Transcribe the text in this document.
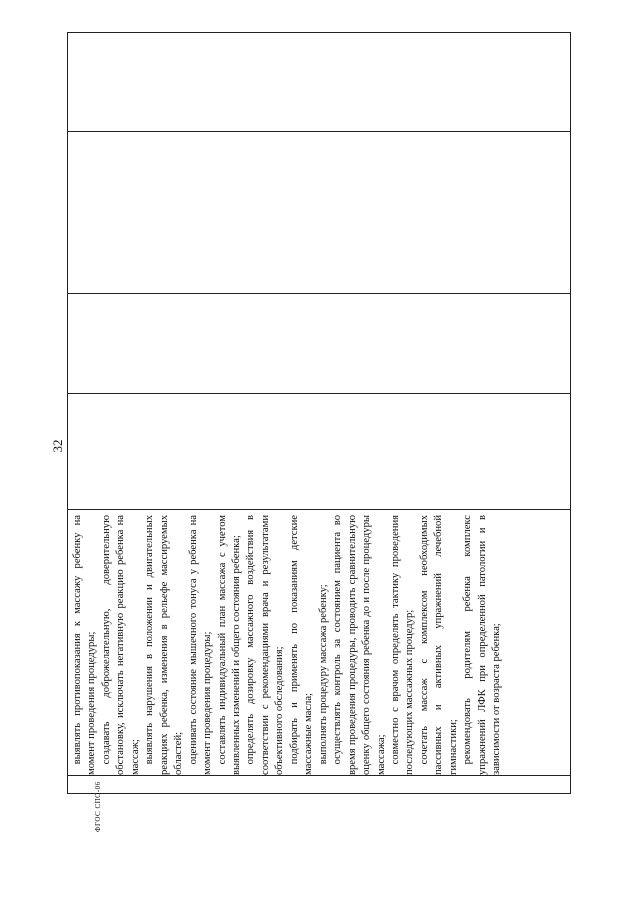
32

выявлять противопоказания к массажу ребенку на момент проведения процедуры; создавать доброжелательную, доверительную обстановку, исключать негативную реакцию ребенка на массаж; выявлять нарушения в положении и двигательных реакциях ребенка, изменения в рельефе массируемых областей; оценивать состояние мышечного тонуса у ребенка на момент проведения процедуры; составлять индивидуальный план массажа с учетом выявленных изменений и общего состояния ребенка; определять дозировку массажного воздействия в соответствии с рекомендациями врача и результатами объективного обследования; подбирать и применять по показаниям детские массажные масла; выполнять процедуру массажа ребенку; осуществлять контроль за состоянием пациента во время проведения процедуры, проводить сравнительную оценку общего состояния ребенка до и после процедуры массажа; совместно с врачом определять тактику проведения последующих массажных процедур; сочетать массаж с комплексом необходимых пассивных и активных упражнений лечебной гимнастики; рекомендовать родителям ребенка комплекс упражнений ЛФК при определенной патологии и в зависимости от возраста ребенка;

ФГОС СПО-06
